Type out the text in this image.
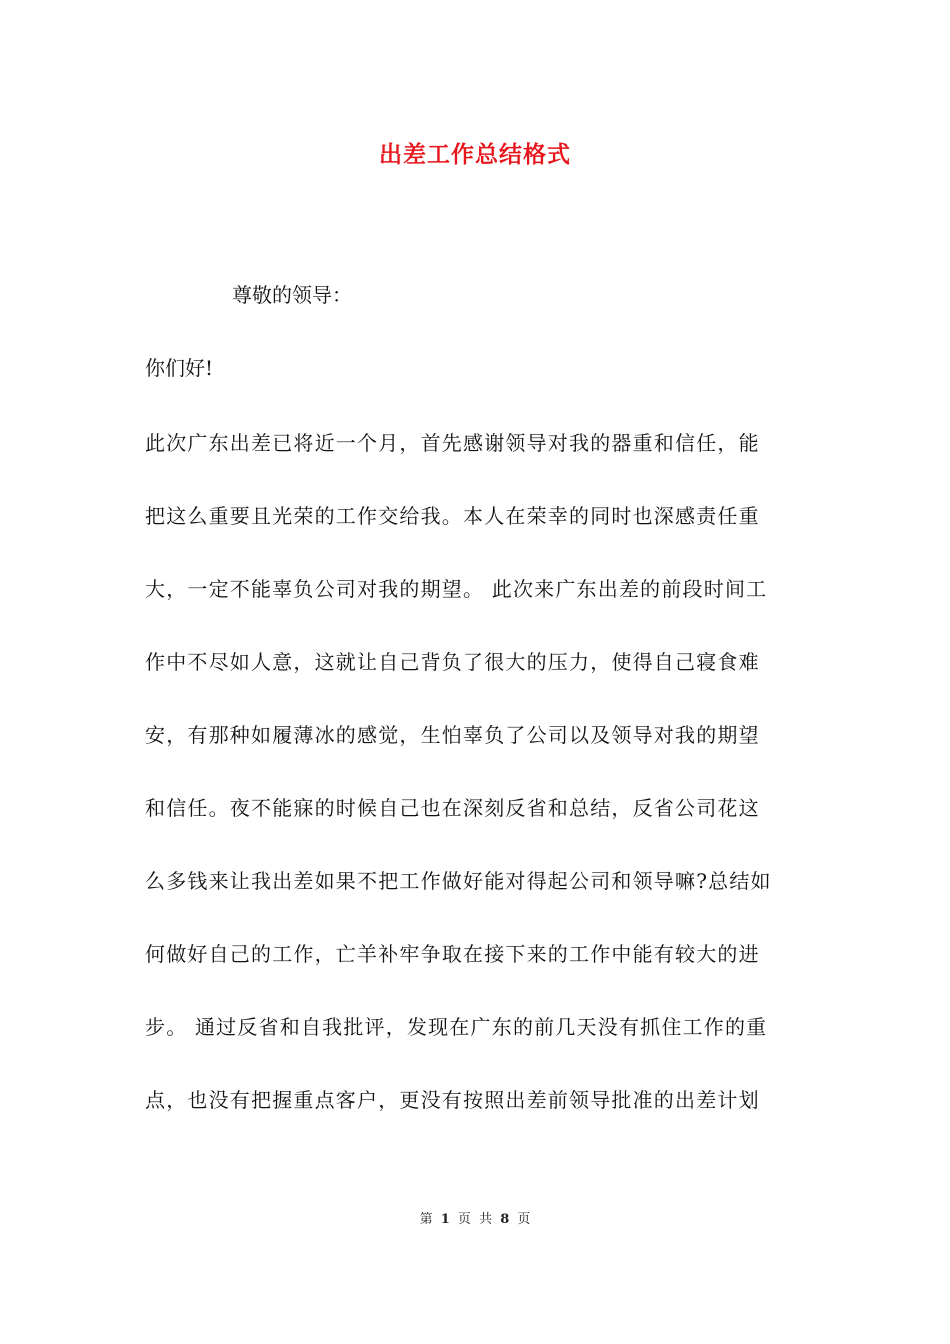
出差工作总结格式
尊敬的领导：
你们好!
此次广东出差已将近一个月，首先感谢领导对我的器重和信任，能
把这么重要且光荣的工作交给我。本人在荣幸的同时也深感责任重
大，一定不能辜负公司对我的期望。 此次来广东出差的前段时间工
作中不尽如人意，这就让自己背负了很大的压力，使得自己寝食难
安，有那种如履薄冰的感觉，生怕辜负了公司以及领导对我的期望
和信任。夜不能寐的时候自己也在深刻反省和总结，反省公司花这
么多钱来让我出差如果不把工作做好能对得起公司和领导嘛?总结如
何做好自己的工作，亡羊补牢争取在接下来的工作中能有较大的进
步。 通过反省和自我批评，发现在广东的前几天没有抓住工作的重
点，也没有把握重点客户，更没有按照出差前领导批准的出差计划
第 1 页 共 8 页
